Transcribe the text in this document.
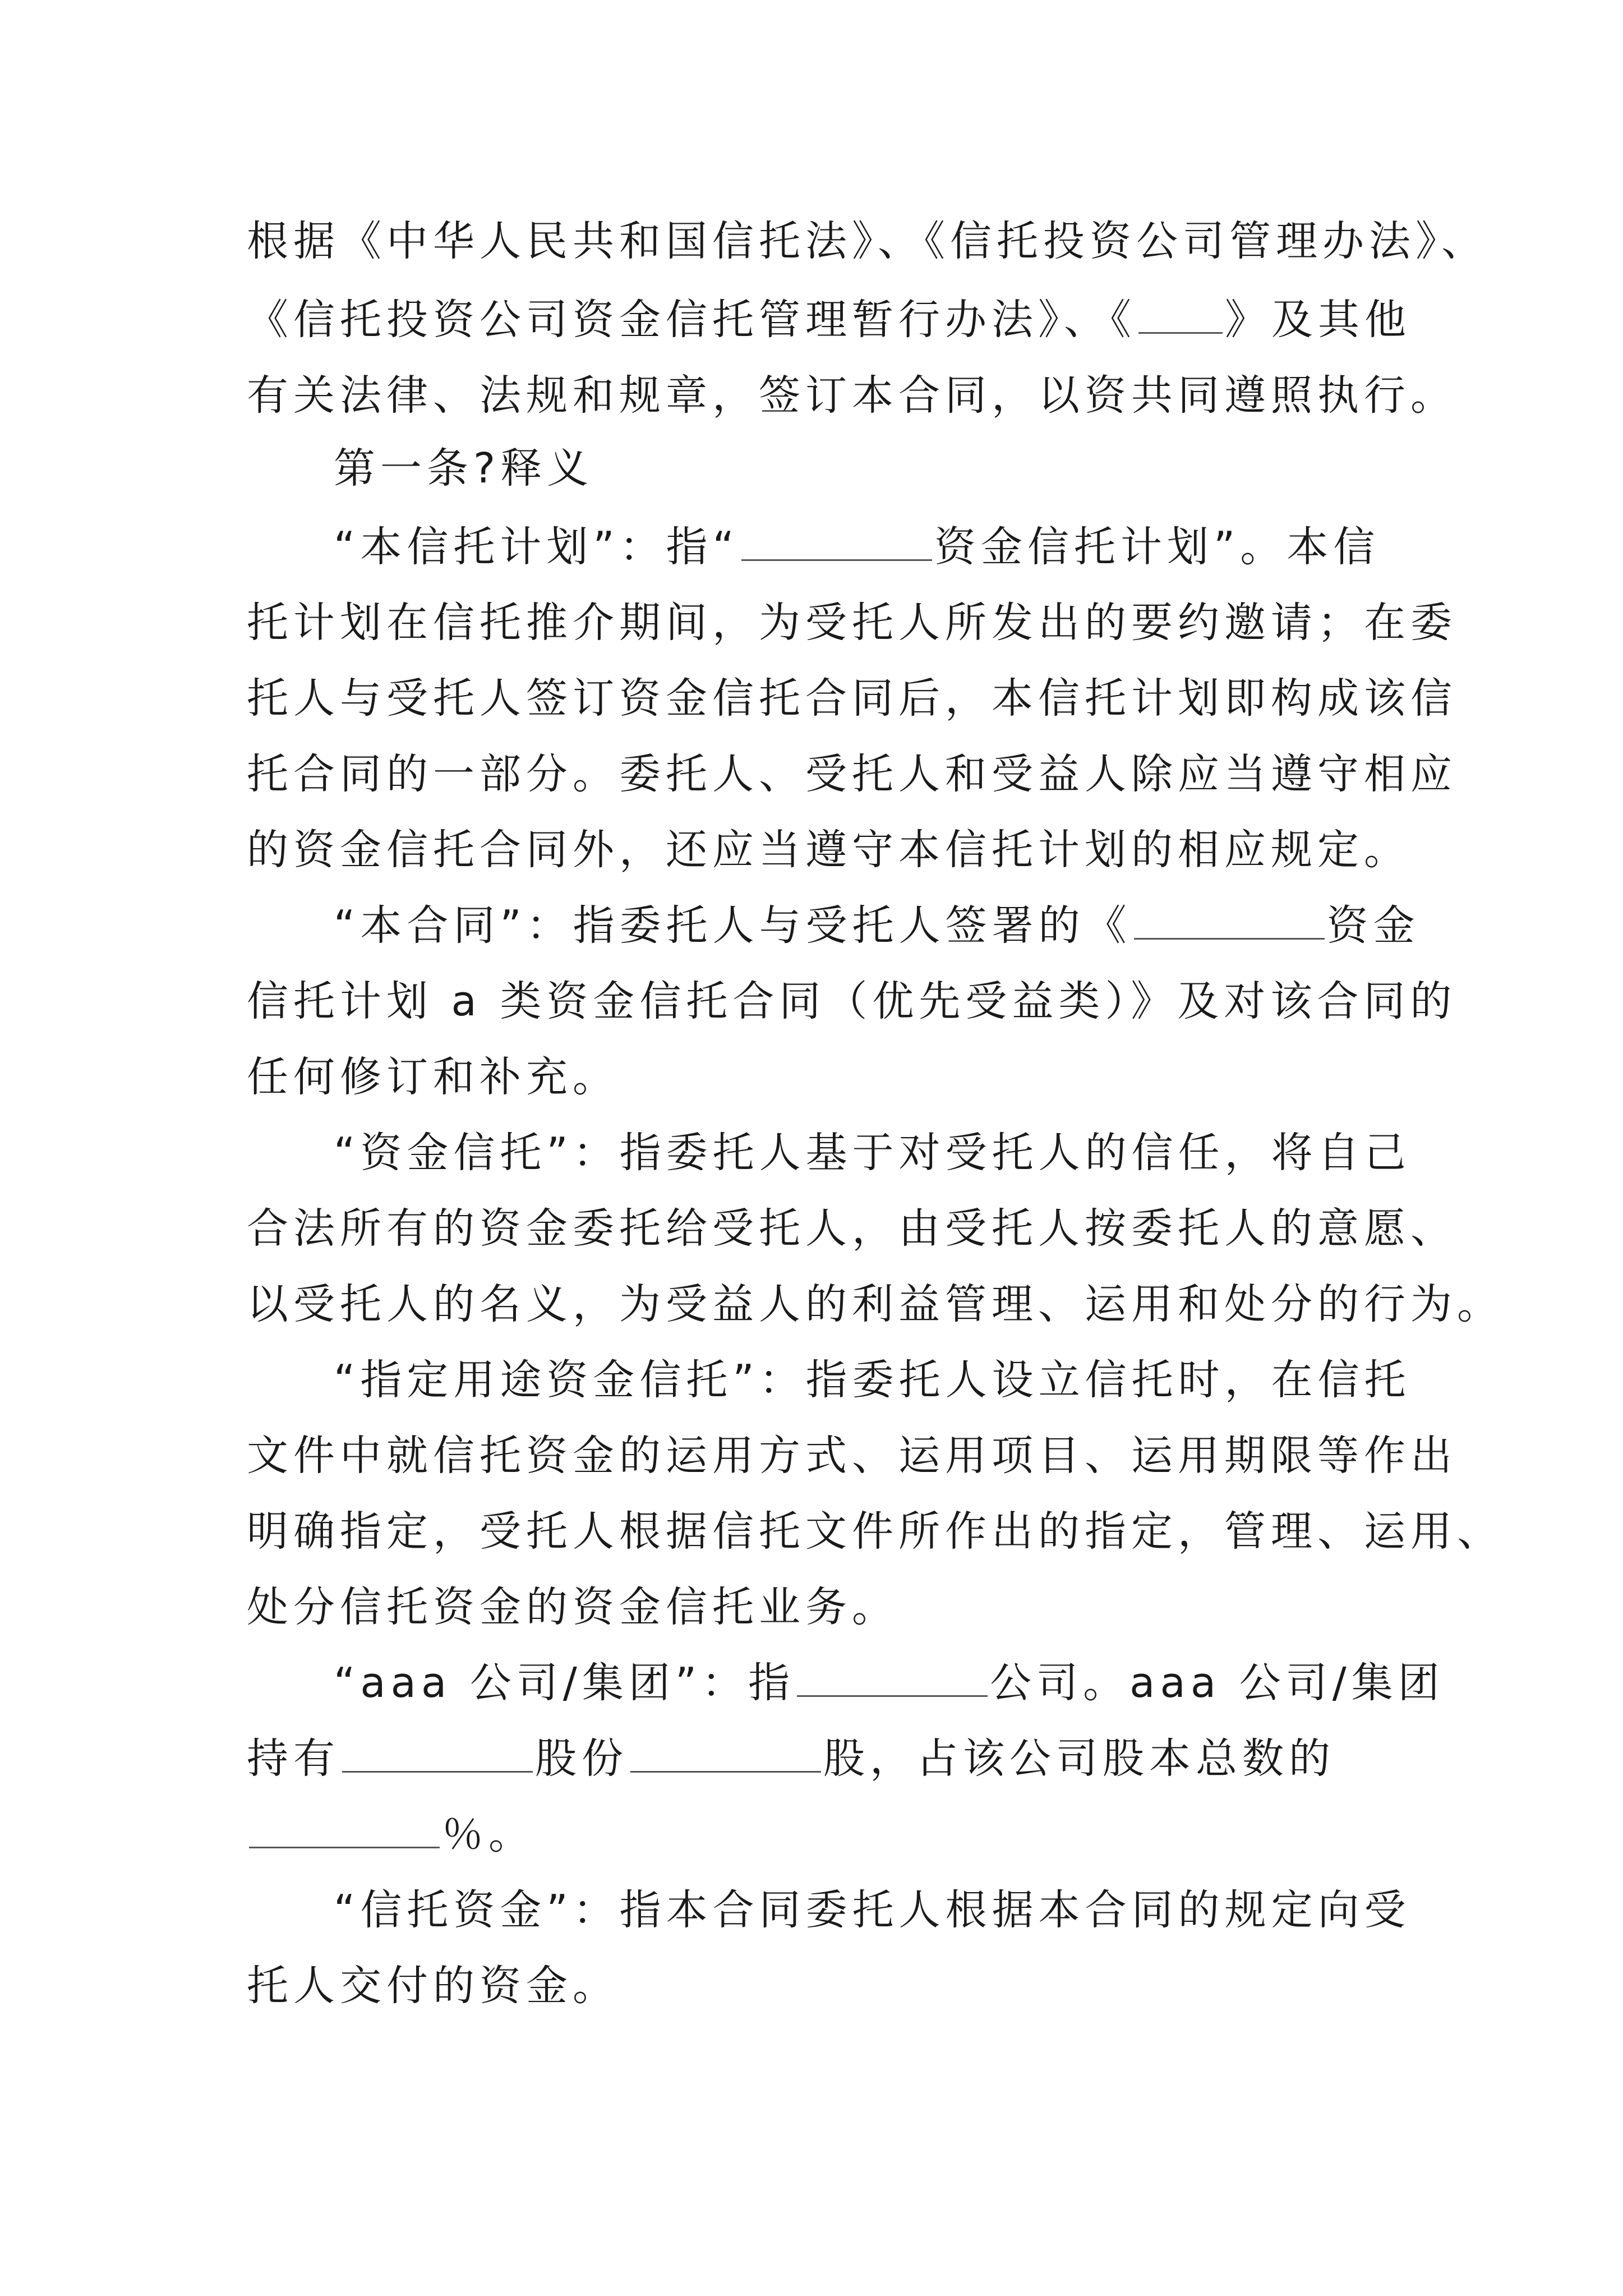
根据《中华人民共和国信托法》、《信托投资公司管理办法》、
《信托投资公司资金信托管理暂行办法》、《 》及其他
有关法律、法规和规章，签订本合同，以资共同遵照执行。
第一条?释义
“本信托计划”：指“	资金信托计划”。本信
托计划在信托推介期间，为受托人所发出的要约邀请；在委
托人与受托人签订资金信托合同后，本信托计划即构成该信
托合同的一部分。委托人、受托人和受益人除应当遵守相应
的资金信托合同外，还应当遵守本信托计划的相应规定。
“本合同”：指委托人与受托人签署的《	资金
信托计划 a 类资金信托合同（优先受益类）》及对该合同的
任何修订和补充。
“资金信托”：指委托人基于对受托人的信任，将自己
合法所有的资金委托给受托人，由受托人按委托人的意愿、
以受托人的名义，为受益人的利益管理、运用和处分的行为。
“指定用途资金信托”：指委托人设立信托时，在信托
文件中就信托资金的运用方式、运用项目、运用期限等作出
明确指定，受托人根据信托文件所作出的指定，管理、运用、
处分信托资金的资金信托业务。
“aaa 公司/集团”：指	公司。aaa 公司/集团
持有	股份	股，占该公司股本总数的
％。
“信托资金”：指本合同委托人根据本合同的规定向受
托人交付的资金。
